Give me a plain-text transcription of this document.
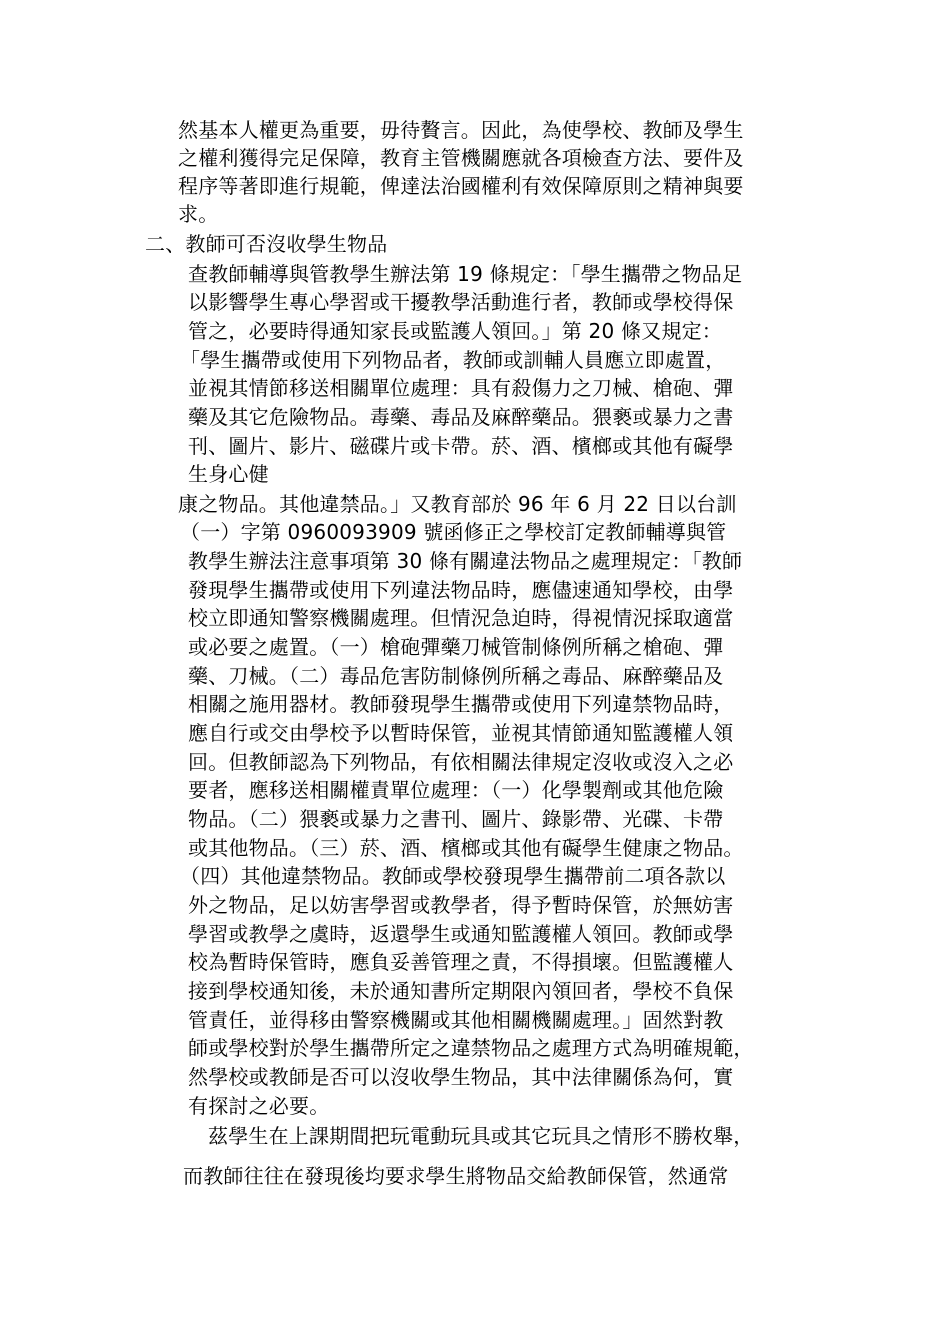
然基本人權更為重要，毋待贅言。因此，為使學校、教師及學生
之權利獲得完足保障，教育主管機關應就各項檢查方法、要件及
程序等著即進行規範，俾達法治國權利有效保障原則之精神與要
求。
二、教師可否沒收學生物品
查教師輔導與管教學生辦法第 19 條規定：「學生攜帶之物品足
以影響學生專心學習或干擾教學活動進行者，教師或學校得保
管之，必要時得通知家長或監護人領回。」第 20 條又規定：
「學生攜帶或使用下列物品者，教師或訓輔人員應立即處置，
並視其情節移送相關單位處理：具有殺傷力之刀械、槍砲、彈
藥及其它危險物品。毒藥、毒品及麻醉藥品。猥褻或暴力之書
刊、圖片、影片、磁碟片或卡帶。菸、酒、檳榔或其他有礙學
生身心健
康之物品。其他違禁品。」又教育部於 96 年 6 月 22 日以台訓
（一）字第 0960093909 號函修正之學校訂定教師輔導與管
教學生辦法注意事項第 30 條有關違法物品之處理規定：「教師
發現學生攜帶或使用下列違法物品時，應儘速通知學校，由學
校立即通知警察機關處理。但情況急迫時，得視情況採取適當
或必要之處置。（一）槍砲彈藥刀械管制條例所稱之槍砲、彈
藥、刀械。（二）毒品危害防制條例所稱之毒品、麻醉藥品及
相關之施用器材。教師發現學生攜帶或使用下列違禁物品時，
應自行或交由學校予以暫時保管，並視其情節通知監護權人領
回。但教師認為下列物品，有依相關法律規定沒收或沒入之必
要者，應移送相關權責單位處理：（一）化學製劑或其他危險
物品。（二）猥褻或暴力之書刊、圖片、錄影帶、光碟、卡帶
或其他物品。（三）菸、酒、檳榔或其他有礙學生健康之物品。
（四）其他違禁物品。教師或學校發現學生攜帶前二項各款以
外之物品，足以妨害學習或教學者，得予暫時保管，於無妨害
學習或教學之虞時，返還學生或通知監護權人領回。教師或學
校為暫時保管時，應負妥善管理之責，不得損壞。但監護權人
接到學校通知後，未於通知書所定期限內領回者，學校不負保
管責任，並得移由警察機關或其他相關機關處理。」固然對教
師或學校對於學生攜帶所定之違禁物品之處理方式為明確規範，
然學校或教師是否可以沒收學生物品，其中法律關係為何，實
有探討之必要。
茲學生在上課期間把玩電動玩具或其它玩具之情形不勝枚舉，
而教師往往在發現後均要求學生將物品交給教師保管，然通常
